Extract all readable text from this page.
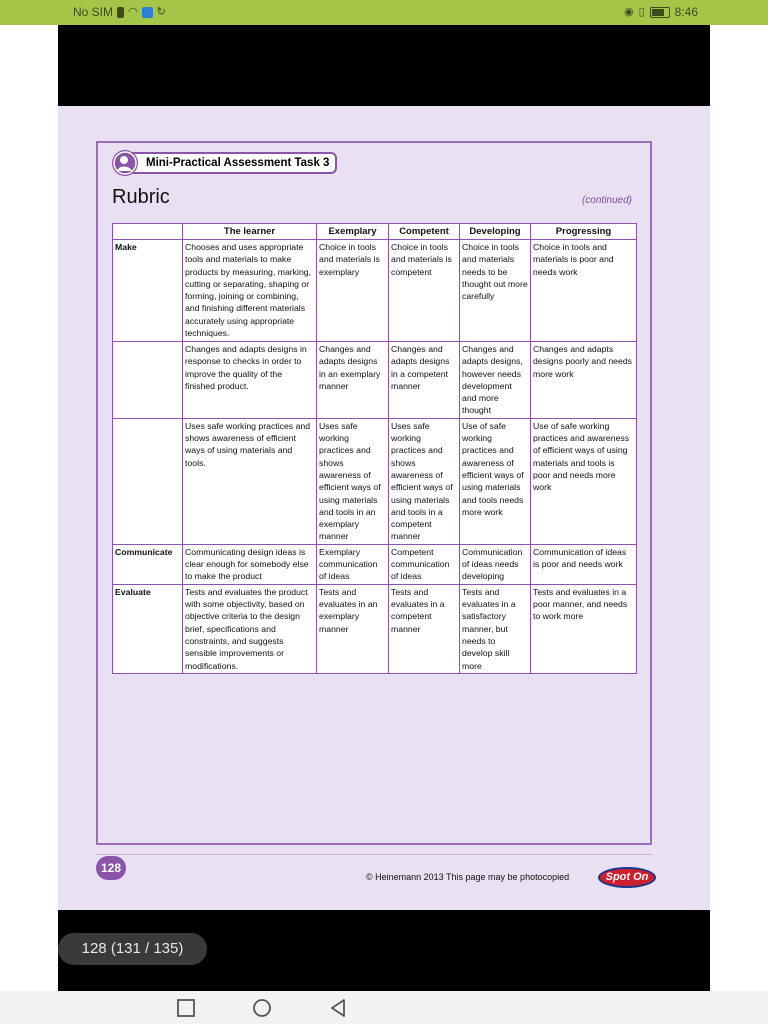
No SIM ◠ ↻	◉ ▯	8:46
Mini-Practical Assessment Task 3
Rubric	(continued)
	The learner	Exemplary	Competent	Developing	Progressing
Make	Chooses and uses appropriate tools and materials to make products by measuring, marking, cutting or separating, shaping or forming, joining or combining, and finishing different materials accurately using appropriate techniques.	Choice in tools and materials is exemplary	Choice in tools and materials is competent	Choice in tools and materials needs to be thought out more carefully	Choice in tools and materials is poor and needs work
	Changes and adapts designs in response to checks in order to improve the quality of the finished product.	Changes and adapts designs in an exemplary manner	Changes and adapts designs in a competent manner	Changes and adapts designs, however needs development and more thought	Changes and adapts designs poorly and needs more work
	Uses safe working practices and shows awareness of efficient ways of using materials and tools.	Uses safe working practices and shows awareness of efficient ways of using materials and tools in an exemplary manner	Uses safe working practices and shows awareness of efficient ways of using materials and tools in a competent manner	Use of safe working practices and awareness of efficient ways of using materials and tools needs more work	Use of safe working practices and awareness of efficient ways of using materials and tools is poor and needs more work
Communicate	Communicating design ideas is clear enough for somebody else to make the product	Exemplary communication of ideas	Competent communication of ideas	Communication of ideas needs developing	Communication of ideas is poor and needs work
Evaluate	Tests and evaluates the product with some objectivity, based on objective criteria to the design brief, specifications and constraints, and suggests sensible improvements or modifications.	Tests and evaluates in an exemplary manner	Tests and evaluates in a competent manner	Tests and evaluates in a satisfactory manner, but needs to develop skill more	Tests and evaluates in a poor manner, and needs to work more
128
© Heinemann 2013 This page may be photocopied	Spot On
128 (131 / 135)
